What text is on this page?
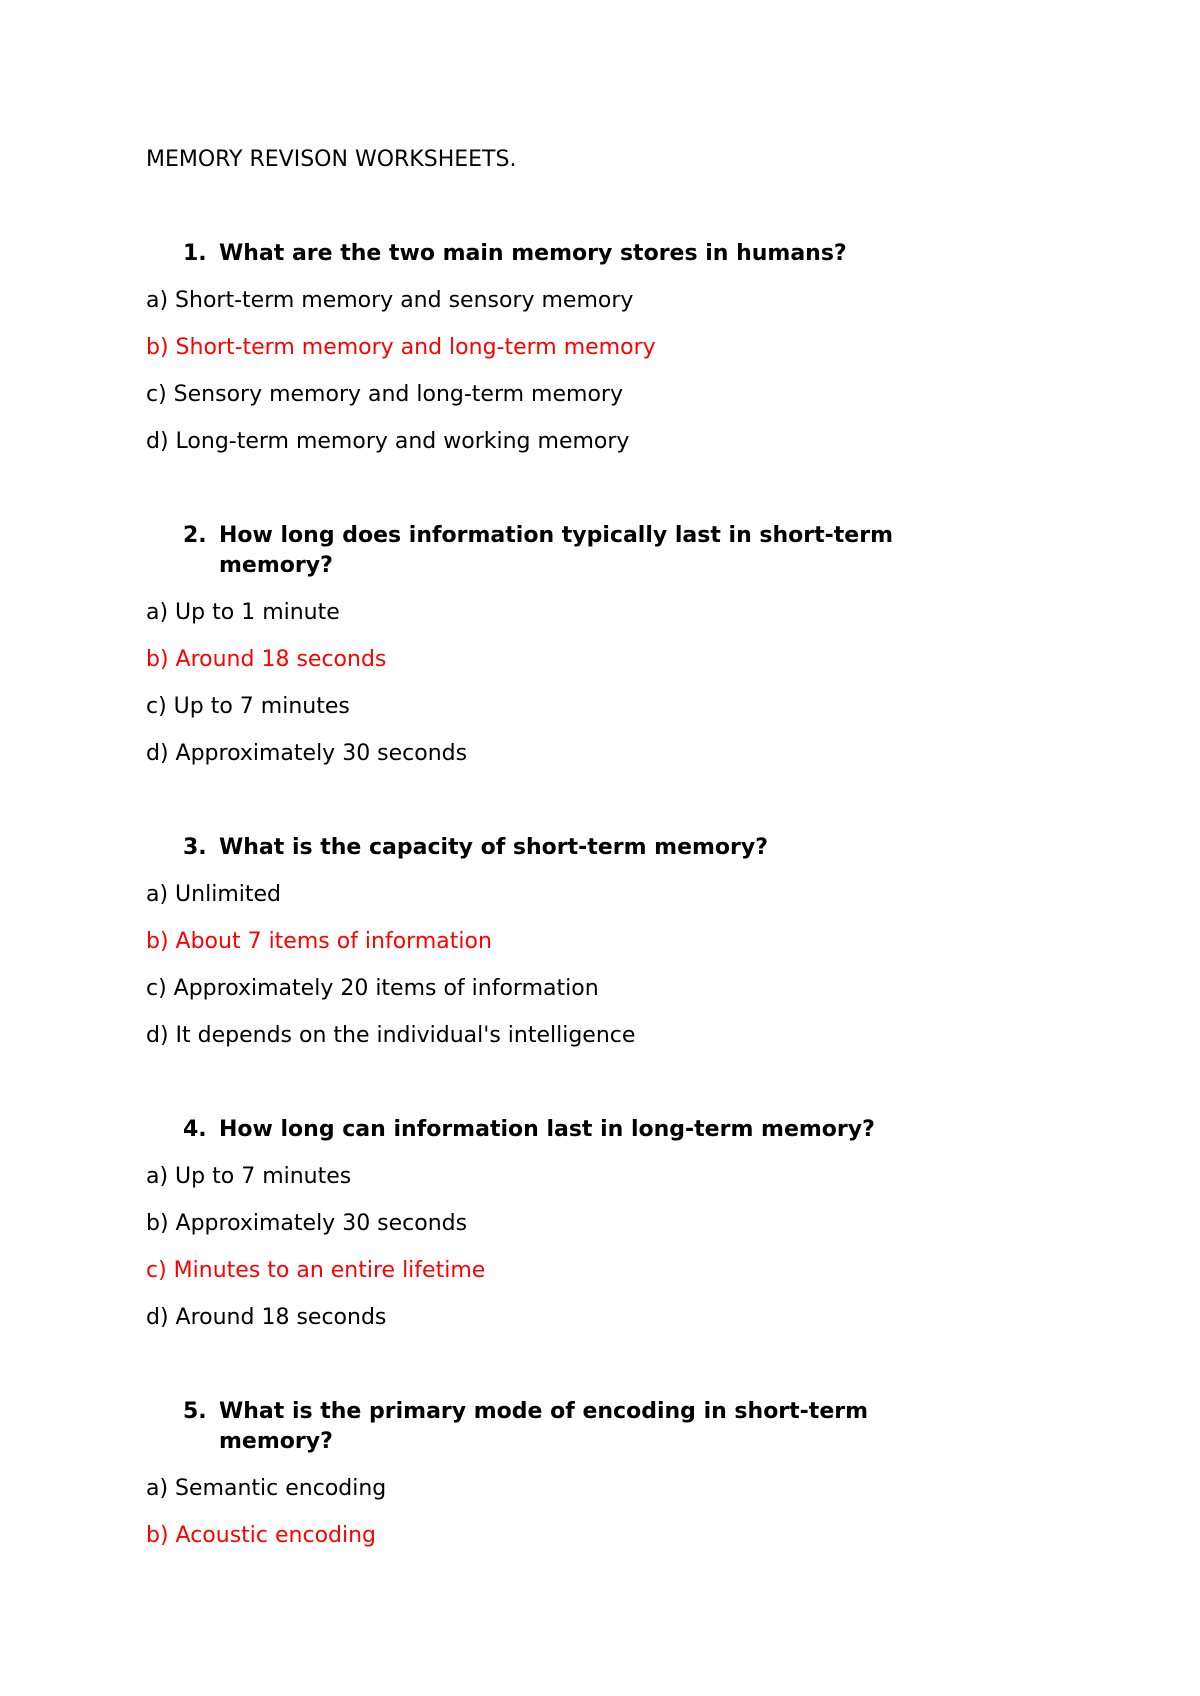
MEMORY REVISON WORKSHEETS.
1. What are the two main memory stores in humans?
a) Short-term memory and sensory memory
b) Short-term memory and long-term memory
c) Sensory memory and long-term memory
d) Long-term memory and working memory
2. How long does information typically last in short-term memory?
a) Up to 1 minute
b) Around 18 seconds
c) Up to 7 minutes
d) Approximately 30 seconds
3. What is the capacity of short-term memory?
a) Unlimited
b) About 7 items of information
c) Approximately 20 items of information
d) It depends on the individual's intelligence
4. How long can information last in long-term memory?
a) Up to 7 minutes
b) Approximately 30 seconds
c) Minutes to an entire lifetime
d) Around 18 seconds
5. What is the primary mode of encoding in short-term memory?
a) Semantic encoding
b) Acoustic encoding
